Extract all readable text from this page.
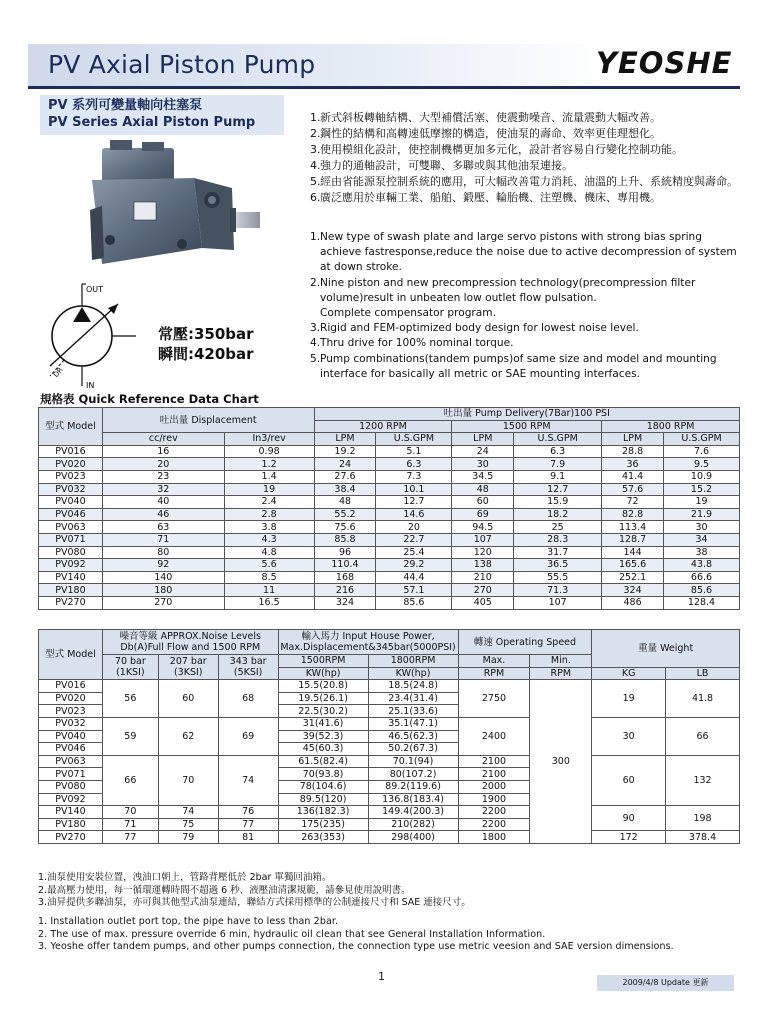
PV Axial Piston Pump	YEOSHE
PV 系列可變量軸向柱塞泵
PV Series Axial Piston Pump
OUT
IN
DR
常壓:350bar
瞬間:420bar
1. 新式斜板轉軸結構、大型補償活塞、使震動噪音、流量震動大幅改善。
2. 鋼性的結構和高轉速低摩擦的構造，使油泵的壽命、效率更佳理想化。
3. 使用模組化設計，使控制機構更加多元化，設計者容易自行變化控制功能。
4. 強力的通軸設計，可雙聯、多聯或與其他油泵連接。
5. 經由省能源泵控制系統的應用，可大幅改善電力消耗、油溫的上升、系統精度與壽命。
6. 廣泛應用於車輛工業、船舶、鍛壓、輪胎機、注塑機、機床、專用機。
1. New type of swash plate and large servo pistons with strong bias spring achieve fastresponse,reduce the noise due to active decompression of system at down stroke.
2. Nine piston and new precompression technology(precompression filter volume)result in unbeaten low outlet flow pulsation.
Complete compensator program.
3. Rigid and FEM-optimized body design for lowest noise level.
4. Thru drive for 100% nominal torque.
5. Pump combinations(tandem pumps)of same size and model and mounting interface for basically all metric or SAE mounting interfaces.
規格表 Quick Reference Data Chart
型式 Model	吐出量 Displacement		吐出量 Pump Delivery(7Bar)100 PSI					
			1200 RPM		1500 RPM		1800 RPM	
	cc/rev	In3/rev	LPM	U.S.GPM	LPM	U.S.GPM	LPM	U.S.GPM
PV016	16	0.98	19.2	5.1	24	6.3	28.8	7.6
PV020	20	1.2	24	6.3	30	7.9	36	9.5
PV023	23	1.4	27.6	7.3	34.5	9.1	41.4	10.9
PV032	32	19	38.4	10.1	48	12.7	57.6	15.2
PV040	40	2.4	48	12.7	60	15.9	72	19
PV046	46	2.8	55.2	14.6	69	18.2	82.8	21.9
PV063	63	3.8	75.6	20	94.5	25	113.4	30
PV071	71	4.3	85.8	22.7	107	28.3	128.7	34
PV080	80	4.8	96	25.4	120	31.7	144	38
PV092	92	5.6	110.4	29.2	138	36.5	165.6	43.8
PV140	140	8.5	168	44.4	210	55.5	252.1	66.6
PV180	180	11	216	57.1	270	71.3	324	85.6
PV270	270	16.5	324	85.6	405	107	486	128.4
型式 Model	噪音等級 APPROX.Noise Levels Db(A)Full Flow and 1500 RPM			輸入馬力 Input House Power, Max.Displacement&345bar(5000PSI)		轉速 Operating Speed		重量 Weight	
	70 bar (1KSI)	207 bar (3KSI)	343 bar (5KSI)	1500RPM	1800RPM	Max.	Min.		
				KW(hp)	KW(hp)	RPM	RPM	KG	LB
PV016	56	60	68	15.5(20.8)	18.5(24.8)	2750	300	19	41.8
PV020				19.5(26.1)	23.4(31.4)				
PV023				22.5(30.2)	25.1(33.6)				
PV032	59	62	69	31(41.6)	35.1(47.1)	2400		30	66
PV040				39(52.3)	46.5(62.3)				
PV046				45(60.3)	50.2(67.3)				
PV063	66	70	74	61.5(82.4)	70.1(94)	2100		60	132
PV071				70(93.8)	80(107.2)	2100			
PV080				78(104.6)	89.2(119.6)	2000			
PV092				89.5(120)	136.8(183.4)	1900			
PV140	70	74	76	136(182.3)	149.4(200.3)	2200		90	198
PV180	71	75	77	175(235)	210(282)	2200			
PV270	77	79	81	263(353)	298(400)	1800		172	378.4
1.油泵使用安裝位置，洩油口朝上，管路背壓低於 2bar 單獨回油箱。
2.最高壓力使用，每一循環運轉時間不超過 6 秒、液壓油清潔規範，請參見使用說明書。
3.油昇提供多聯油泵，亦可與其他型式油泵連結，聯結方式採用標準的公制連接尺寸和 SAE 連接尺寸。
1. Installation outlet port top, the pipe have to less than 2bar.
2. The use of max. pressure override 6 min, hydraulic oil clean that see General Installation Information.
3. Yeoshe offer tandem pumps, and other pumps connection, the connection type use metric veesion and SAE version dimensions.
1	2009/4/8 Update 更新
